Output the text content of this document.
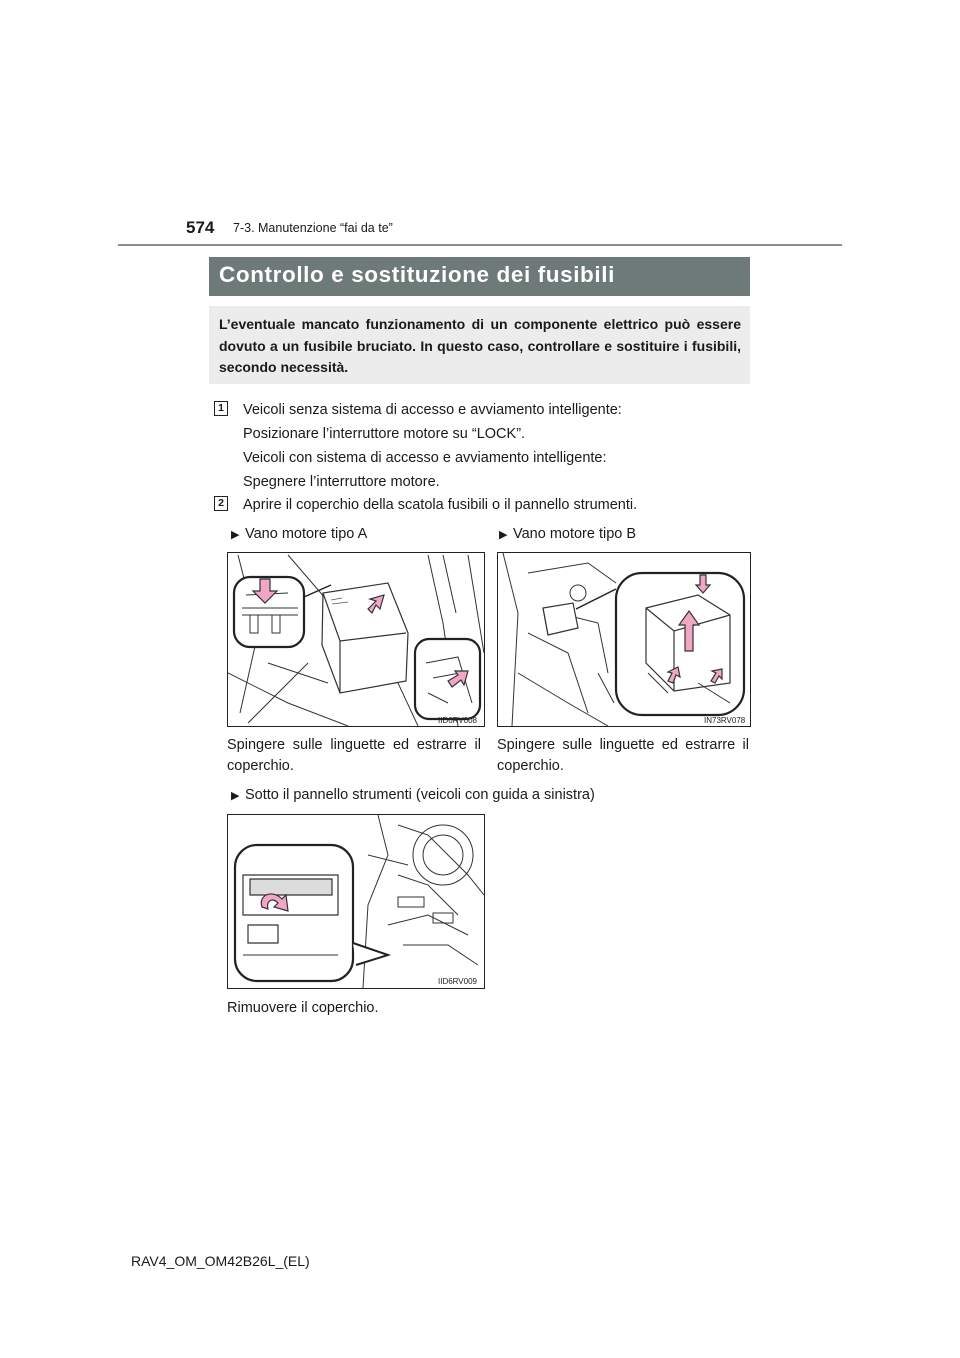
574 7-3. Manutenzione “fai da te”
Controllo e sostituzione dei fusibili
L’eventuale mancato funzionamento di un componente elettrico può essere dovuto a un fusibile bruciato. In questo caso, controllare e sostituire i fusibili, secondo necessità.
1 Veicoli senza sistema di accesso e avviamento intelligente:
Posizionare l’interruttore motore su “LOCK”.
Veicoli con sistema di accesso e avviamento intelligente:
Spegnere l’interruttore motore.
2 Aprire il coperchio della scatola fusibili o il pannello strumenti.
▶ Vano motore tipo A	▶ Vano motore tipo B
IID6RV008	IN73RV078
Spingere sulle linguette ed estrarre il coperchio.
Spingere sulle linguette ed estrarre il coperchio.
▶ Sotto il pannello strumenti (veicoli con guida a sinistra)
IID6RV009
Rimuovere il coperchio.
RAV4_OM_OM42B26L_(EL)
